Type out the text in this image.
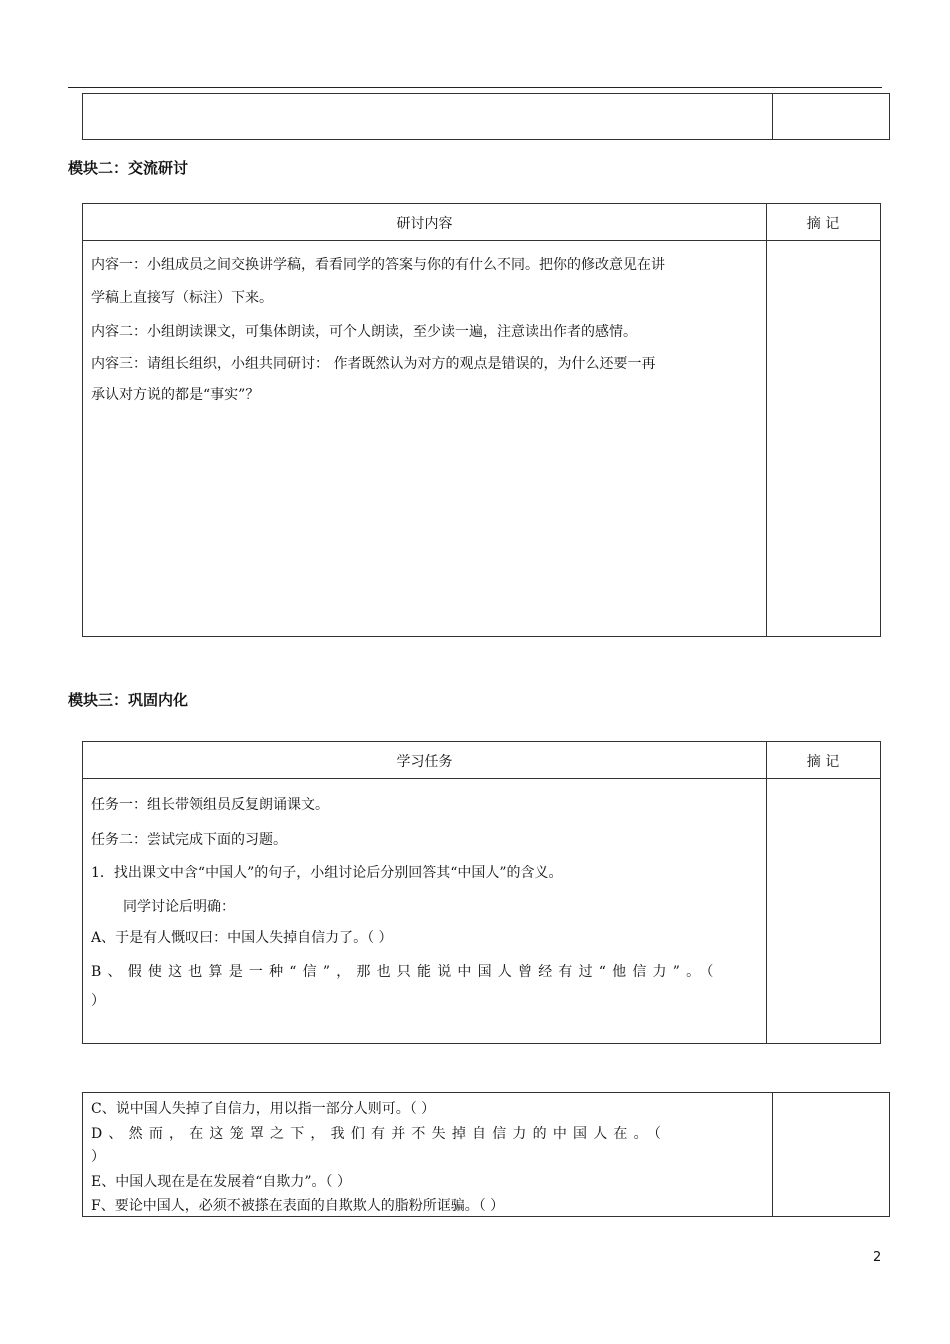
模块二：交流研讨
研讨内容	摘 记
内容一：小组成员之间交换讲学稿，看看同学的答案与你的有什么不同。把你的修改意见在讲
学稿上直接写（标注）下来。
内容二：小组朗读课文，可集体朗读，可个人朗读，至少读一遍，注意读出作者的感情。
内容三：请组长组织，小组共同研讨： 作者既然认为对方的观点是错误的，为什么还要一再
承认对方说的都是“事实”？
模块三：巩固内化
学习任务	摘 记
任务一：组长带领组员反复朗诵课文。
任务二：尝试完成下面的习题。
1．找出课文中含“中国人”的句子，小组讨论后分别回答其“中国人”的含义。
同学讨论后明确：
A、于是有人慨叹曰：中国人失掉自信力了。（ ）
B、假使这也算是一种“信”，那也只能说中国人曾经有过“他信力”。（
）
C、说中国人失掉了自信力，用以指一部分人则可。（ ）
D、然而，在这笼罩之下，我们有并不失掉自信力的中国人在。（
）
E、中国人现在是在发展着“自欺力”。（ ）
F、要论中国人，必须不被搽在表面的自欺欺人的脂粉所诓骗。（ ）
2
